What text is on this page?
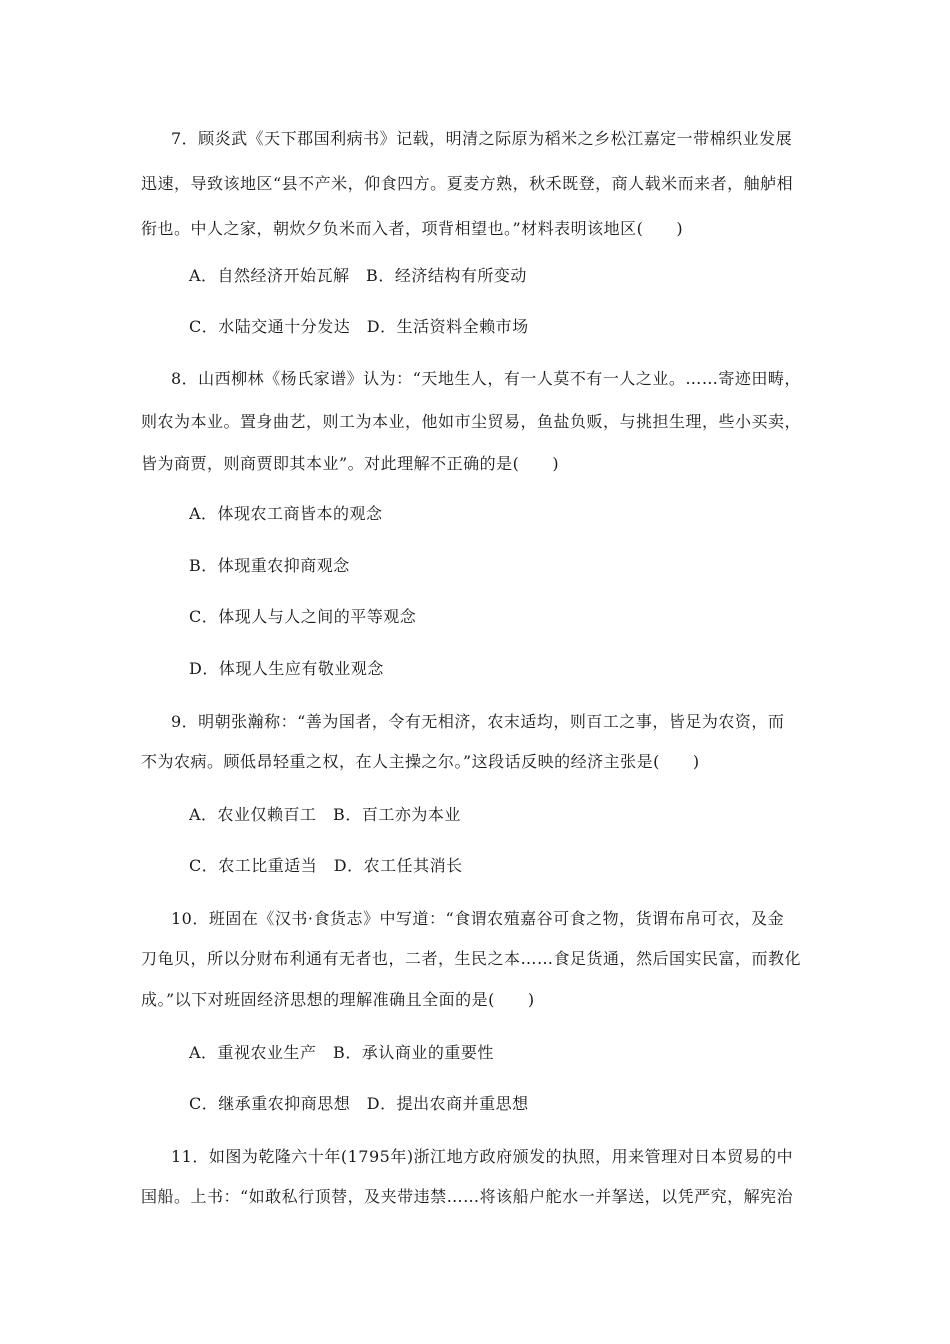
7．顾炎武《天下郡国利病书》记载，明清之际原为稻米之乡松江嘉定一带棉织业发展
迅速，导致该地区“县不产米，仰食四方。夏麦方熟，秋禾既登，商人载米而来者，舳舻相
衔也。中人之家，朝炊夕负米而入者，项背相望也。”材料表明该地区(　　)
A．自然经济开始瓦解　B．经济结构有所变动
C．水陆交通十分发达　D．生活资料全赖市场
8．山西柳林《杨氏家谱》认为：“天地生人，有一人莫不有一人之业。……寄迹田畴，
则农为本业。置身曲艺，则工为本业，他如市尘贸易，鱼盐负贩，与挑担生理，些小买卖，
皆为商贾，则商贾即其本业”。对此理解不正确的是(　　)
A．体现农工商皆本的观念
B．体现重农抑商观念
C．体现人与人之间的平等观念
D．体现人生应有敬业观念
9．明朝张瀚称：“善为国者，令有无相济，农末适均，则百工之事，皆足为农资，而
不为农病。顾低昂轻重之权，在人主操之尔。”这段话反映的经济主张是(　　)
A．农业仅赖百工　B．百工亦为本业
C．农工比重适当　D．农工任其消长
10．班固在《汉书·食货志》中写道：“食谓农殖嘉谷可食之物，货谓布帛可衣，及金
刀龟贝，所以分财布利通有无者也，二者，生民之本……食足货通，然后国实民富，而教化
成。”以下对班固经济思想的理解准确且全面的是(　　)
A．重视农业生产　B．承认商业的重要性
C．继承重农抑商思想　D．提出农商并重思想
11．如图为乾隆六十年(1795年)浙江地方政府颁发的执照，用来管理对日本贸易的中
国船。上书：“如敢私行顶替，及夹带违禁……将该船户舵水一并拏送，以凭严究，解宪治
